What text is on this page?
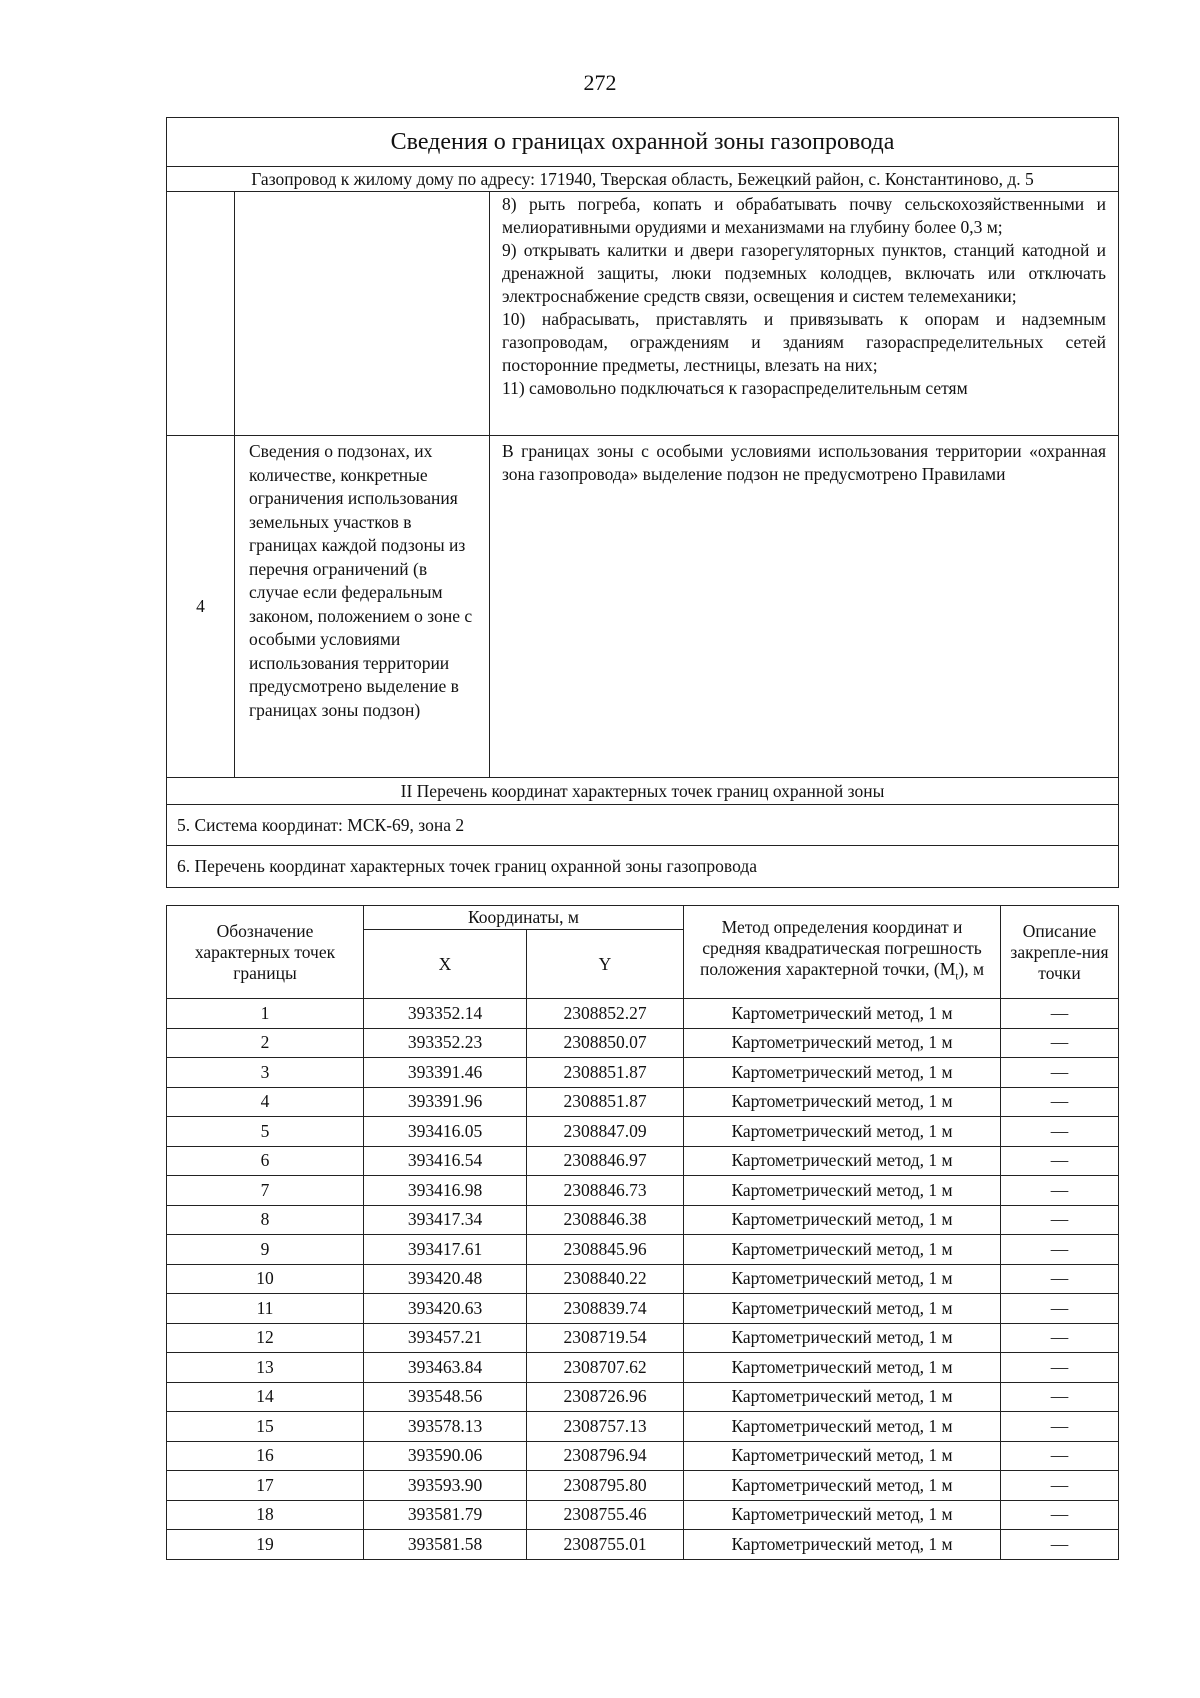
272
Сведения о границах охранной зоны газопровода		
Газопровод к жилому дому по адресу: 171940, Тверская область, Бежецкий район, с. Константиново, д. 5		

		8) рыть погреба, копать и обрабатывать почву сельскохозяйственными и мелиоративными орудиями и механизмами на глубину более 0,3 м;
9) открывать калитки и двери газорегуляторных пунктов, станций катодной и дренажной защиты, люки подземных колодцев, включать или отключать электроснабжение средств связи, освещения и систем телемеханики;
10) набрасывать, приставлять и привязывать к опорам и надземным газопроводам, ограждениям и зданиям газораспределительных сетей посторонние предметы, лестницы, влезать на них;
11) самовольно подключаться к газораспределительным сетям

4	Сведения о подзонах, их количестве, конкретные ограничения использования земельных участков в границах каждой подзоны из перечня ограничений (в случае если федеральным законом, положением о зоне с особыми условиями использования территории предусмотрено выделение в границах зоны подзон)	В границах зоны с особыми условиями использования территории «охранная зона газопровода» выделение подзон не предусмотрено Правилами
II Перечень координат характерных точек границ охранной зоны		
5. Система координат: МСК-69, зона 2		
6. Перечень координат характерных точек границ охранной зоны газопровода		
Обозначение характерных точек границы	Координаты, м		Метод определения координат и средняя квадратическая погрешность положения характерной точки, $(M_t)$, м	Описание закрепле-ния точки
	X	Y		
1	393352.14	2308852.27	Картометрический метод, 1 м	—
2	393352.23	2308850.07	Картометрический метод, 1 м	—
3	393391.46	2308851.87	Картометрический метод, 1 м	—
4	393391.96	2308851.87	Картометрический метод, 1 м	—
5	393416.05	2308847.09	Картометрический метод, 1 м	—
6	393416.54	2308846.97	Картометрический метод, 1 м	—
7	393416.98	2308846.73	Картометрический метод, 1 м	—
8	393417.34	2308846.38	Картометрический метод, 1 м	—
9	393417.61	2308845.96	Картометрический метод, 1 м	—
10	393420.48	2308840.22	Картометрический метод, 1 м	—
11	393420.63	2308839.74	Картометрический метод, 1 м	—
12	393457.21	2308719.54	Картометрический метод, 1 м	—
13	393463.84	2308707.62	Картометрический метод, 1 м	—
14	393548.56	2308726.96	Картометрический метод, 1 м	—
15	393578.13	2308757.13	Картометрический метод, 1 м	—
16	393590.06	2308796.94	Картометрический метод, 1 м	—
17	393593.90	2308795.80	Картометрический метод, 1 м	—
18	393581.79	2308755.46	Картометрический метод, 1 м	—
19	393581.58	2308755.01	Картометрический метод, 1 м	—
